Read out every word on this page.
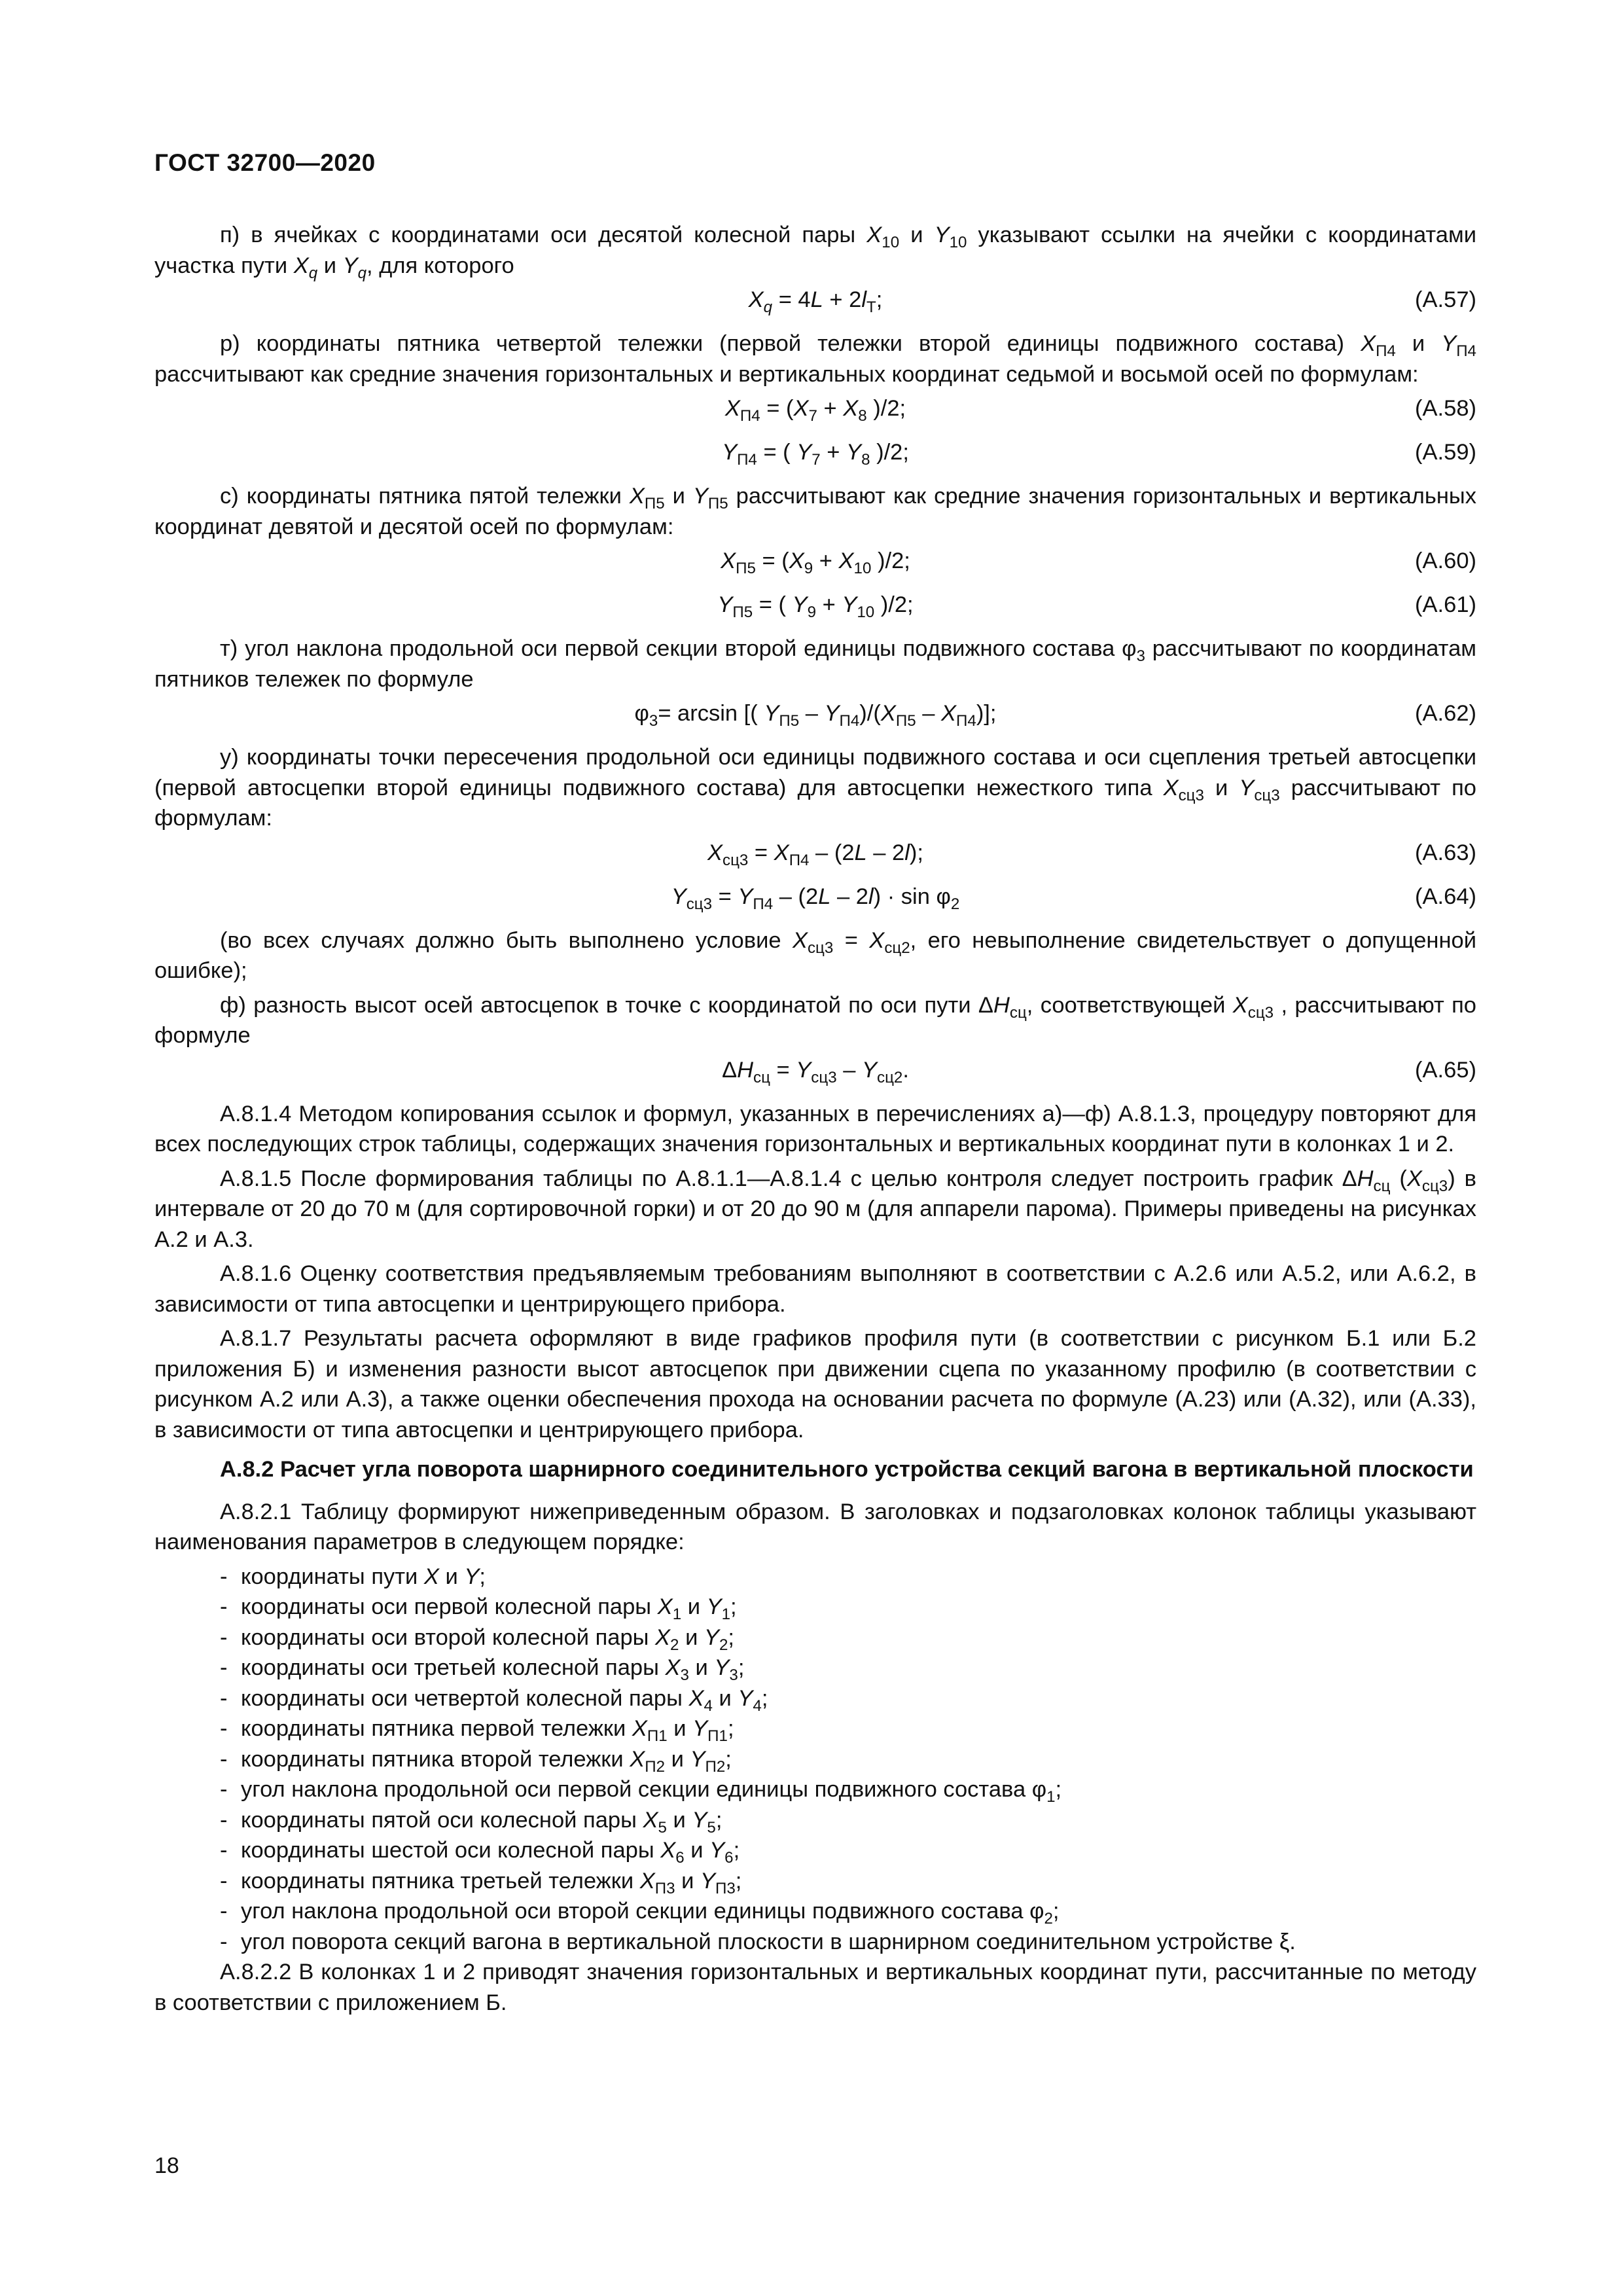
ГОСТ 32700—2020
п) в ячейках с координатами оси десятой колесной пары $X_{10}$ и $Y_{10}$ указывают ссылки на ячейки с координатами участка пути $X_q$ и $Y_q$, для которого
$X_q = 4L + 2l_Т$;	(A.57)
р) координаты пятника четвертой тележки (первой тележки второй единицы подвижного состава) $X_{П4}$ и $Y_{П4}$ рассчитывают как средние значения горизонтальных и вертикальных координат седьмой и восьмой осей по формулам:
$X_{П4} = (X_7 + X_8$ )/2;	(A.58)
$Y_{П4}$ = ( $Y_7 + Y_8$ )/2;	(A.59)
с) координаты пятника пятой тележки $X_{П5}$ и $Y_{П5}$ рассчитывают как средние значения горизонтальных и вертикальных координат девятой и десятой осей по формулам:
$X_{П5} = (X_9 + X_{10}$ )/2;	(A.60)
$Y_{П5}$ = ( $Y_9 + Y_{10}$ )/2;	(A.61)
т) угол наклона продольной оси первой секции второй единицы подвижного состава $\varphi_3$ рассчитывают по координатам пятников тележек по формуле
$\varphi_3= \arcsin$ [( $Y_{П5} - Y_{П4})/(X_{П5} - X_{П4})$];	(A.62)
у) координаты точки пересечения продольной оси единицы подвижного состава и оси сцепления третьей автосцепки (первой автосцепки второй единицы подвижного состава) для автосцепки нежесткого типа $X_{сц3}$ и $Y_{сц3}$ рассчитывают по формулам:
$X_{сц3} = X_{П4} - (2L - 2l)$;	(A.63)
$Y_{сц3} = Y_{П4} - (2L - 2l) \cdot \sin \varphi_2$	(A.64)
(во всех случаях должно быть выполнено условие $X_{сц3} = X_{сц2}$, его невыполнение свидетельствует о допущенной ошибке);
ф) разность высот осей автосцепок в точке с координатой по оси пути $\Delta H_{сц}$, соответствующей $X_{сц3}$ , рассчитывают по формуле
$\Delta H_{сц} = Y_{сц3} - Y_{сц2}$.	(A.65)
А.8.1.4 Методом копирования ссылок и формул, указанных в перечислениях а)—ф) А.8.1.3, процедуру повторяют для всех последующих строк таблицы, содержащих значения горизонтальных и вертикальных координат пути в колонках 1 и 2.
А.8.1.5 После формирования таблицы по А.8.1.1—А.8.1.4 с целью контроля следует построить график $\Delta H_{сц}$ $(X_{сц3})$ в интервале от 20 до 70 м (для сортировочной горки) и от 20 до 90 м (для аппарели парома). Примеры приведены на рисунках А.2 и А.3.
А.8.1.6 Оценку соответствия предъявляемым требованиям выполняют в соответствии с А.2.6 или А.5.2, или А.6.2, в зависимости от типа автосцепки и центрирующего прибора.
А.8.1.7 Результаты расчета оформляют в виде графиков профиля пути (в соответствии с рисунком Б.1 или Б.2 приложения Б) и изменения разности высот автосцепок при движении сцепа по указанному профилю (в соответствии с рисунком А.2 или А.3), а также оценки обеспечения прохода на основании расчета по формуле (А.23) или (А.32), или (А.33), в зависимости от типа автосцепки и центрирующего прибора.
А.8.2 Расчет угла поворота шарнирного соединительного устройства секций вагона в вертикальной плоскости
А.8.2.1 Таблицу формируют нижеприведенным образом. В заголовках и подзаголовках колонок таблицы указывают наименования параметров в следующем порядке:
- координаты пути X и Y;
- координаты оси первой колесной пары $X_1$ и $Y_1$;
- координаты оси второй колесной пары $X_2$ и $Y_2$;
- координаты оси третьей колесной пары $X_3$ и $Y_3$;
- координаты оси четвертой колесной пары $X_4$ и $Y_4$;
- координаты пятника первой тележки $X_{П1}$ и $Y_{П1}$;
- координаты пятника второй тележки $X_{П2}$ и $Y_{П2}$;
- угол наклона продольной оси первой секции единицы подвижного состава $\varphi_1$;
- координаты пятой оси колесной пары $X_5$ и $Y_5$;
- координаты шестой оси колесной пары $X_6$ и $Y_6$;
- координаты пятника третьей тележки $X_{П3}$ и $Y_{П3}$;
- угол наклона продольной оси второй секции единицы подвижного состава $\varphi_2$;
- угол поворота секций вагона в вертикальной плоскости в шарнирном соединительном устройстве ξ.
А.8.2.2 В колонках 1 и 2 приводят значения горизонтальных и вертикальных координат пути, рассчитанные по методу в соответствии с приложением Б.
18
